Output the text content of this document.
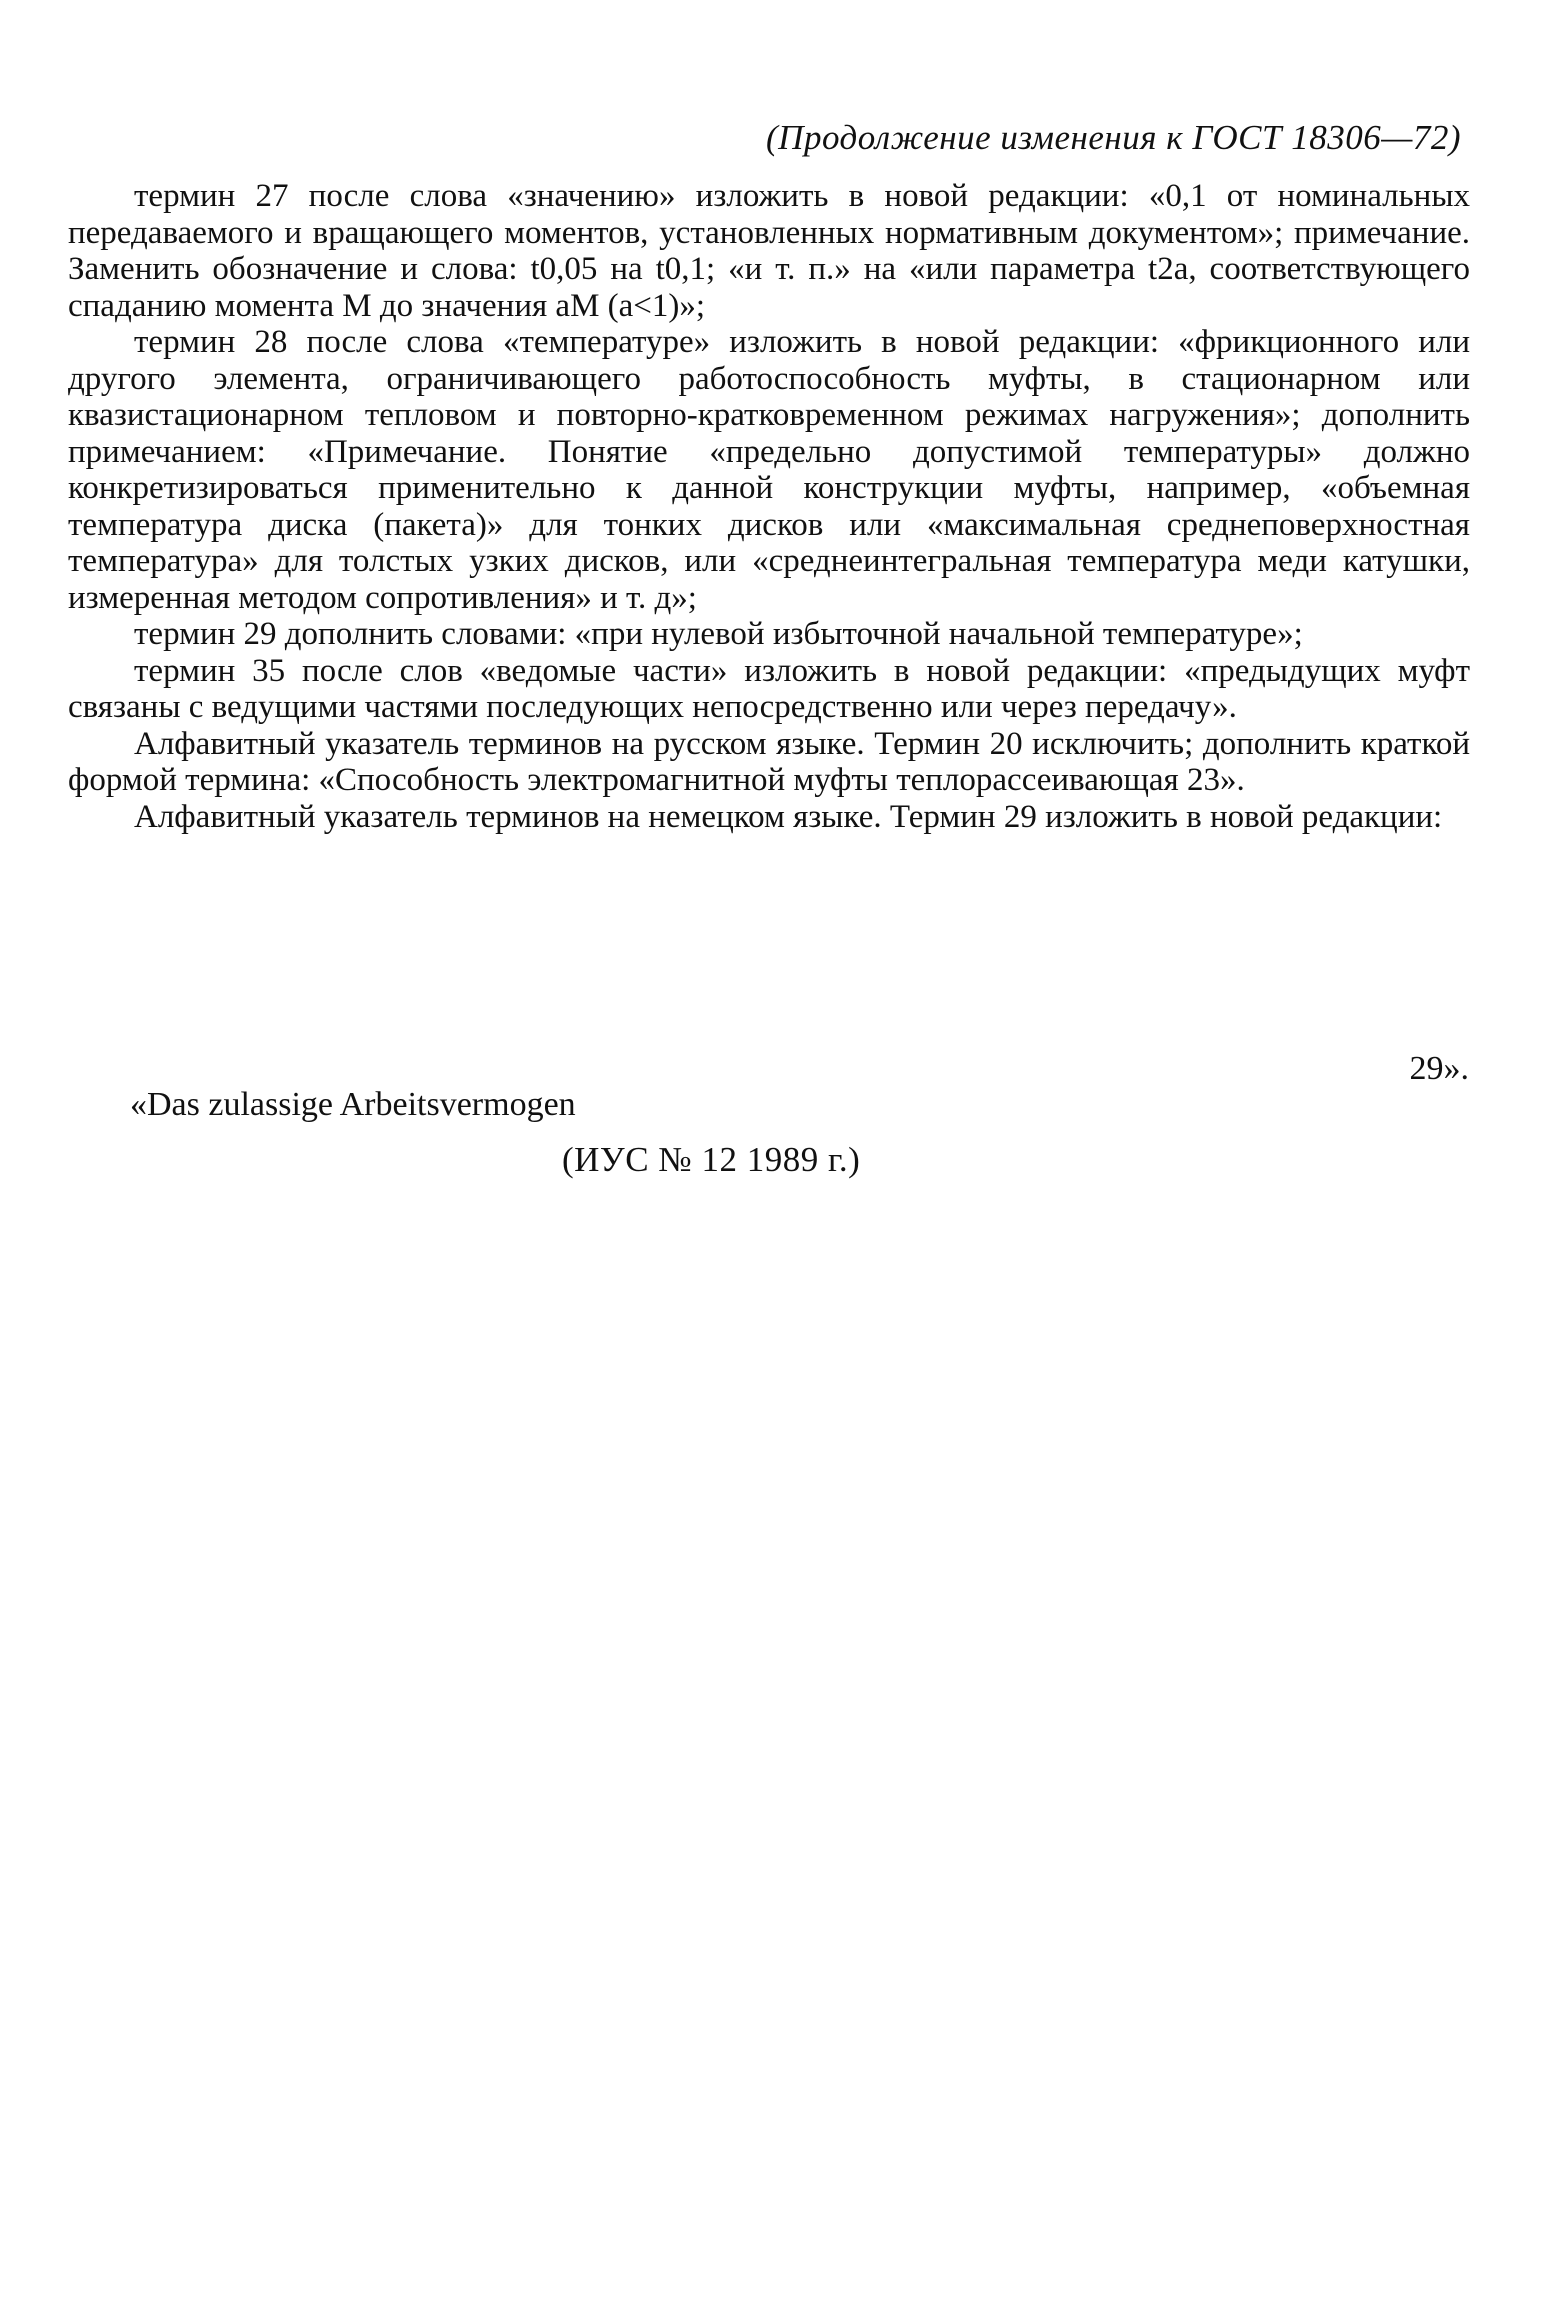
(Продолжение изменения к ГОСТ 18306—72)

термин 27 после слова «значению» изложить в новой редакции: «0,1 от номинальных передаваемого и вращающего моментов, установленных нормативным документом»; примечание. Заменить обозначение и слова: t0,05 на t0,1; «и т. п.» на «или параметра t2a, соответствующего спаданию момента M до значения aM (a<1)»;

термин 28 после слова «температуре» изложить в новой редакции: «фрикционного или другого элемента, ограничивающего работоспособность муфты, в стационарном или квазистационарном тепловом и повторно-кратковременном режимах нагружения»; дополнить примечанием: «Примечание. Понятие «предельно допустимой температуры» должно конкретизироваться применительно к данной конструкции муфты, например, «объемная температура диска (пакета)» для тонких дисков или «максимальная среднеповерхностная температура» для толстых узких дисков, или «среднеинтегральная температура меди катушки, измеренная методом сопротивления» и т. д»;

термин 29 дополнить словами: «при нулевой избыточной начальной температуре»;

термин 35 после слов «ведомые части» изложить в новой редакции: «предыдущих муфт связаны с ведущими частями последующих непосредственно или через передачу».

Алфавитный указатель терминов на русском языке. Термин 20 исключить; дополнить краткой формой термина: «Способность электромагнитной муфты теплорассеивающая 23».

Алфавитный указатель терминов на немецком языке. Термин 29 изложить в новой редакции:

29».
«Das zulassige Arbeitsvermogen
(ИУС № 12 1989 г.)
